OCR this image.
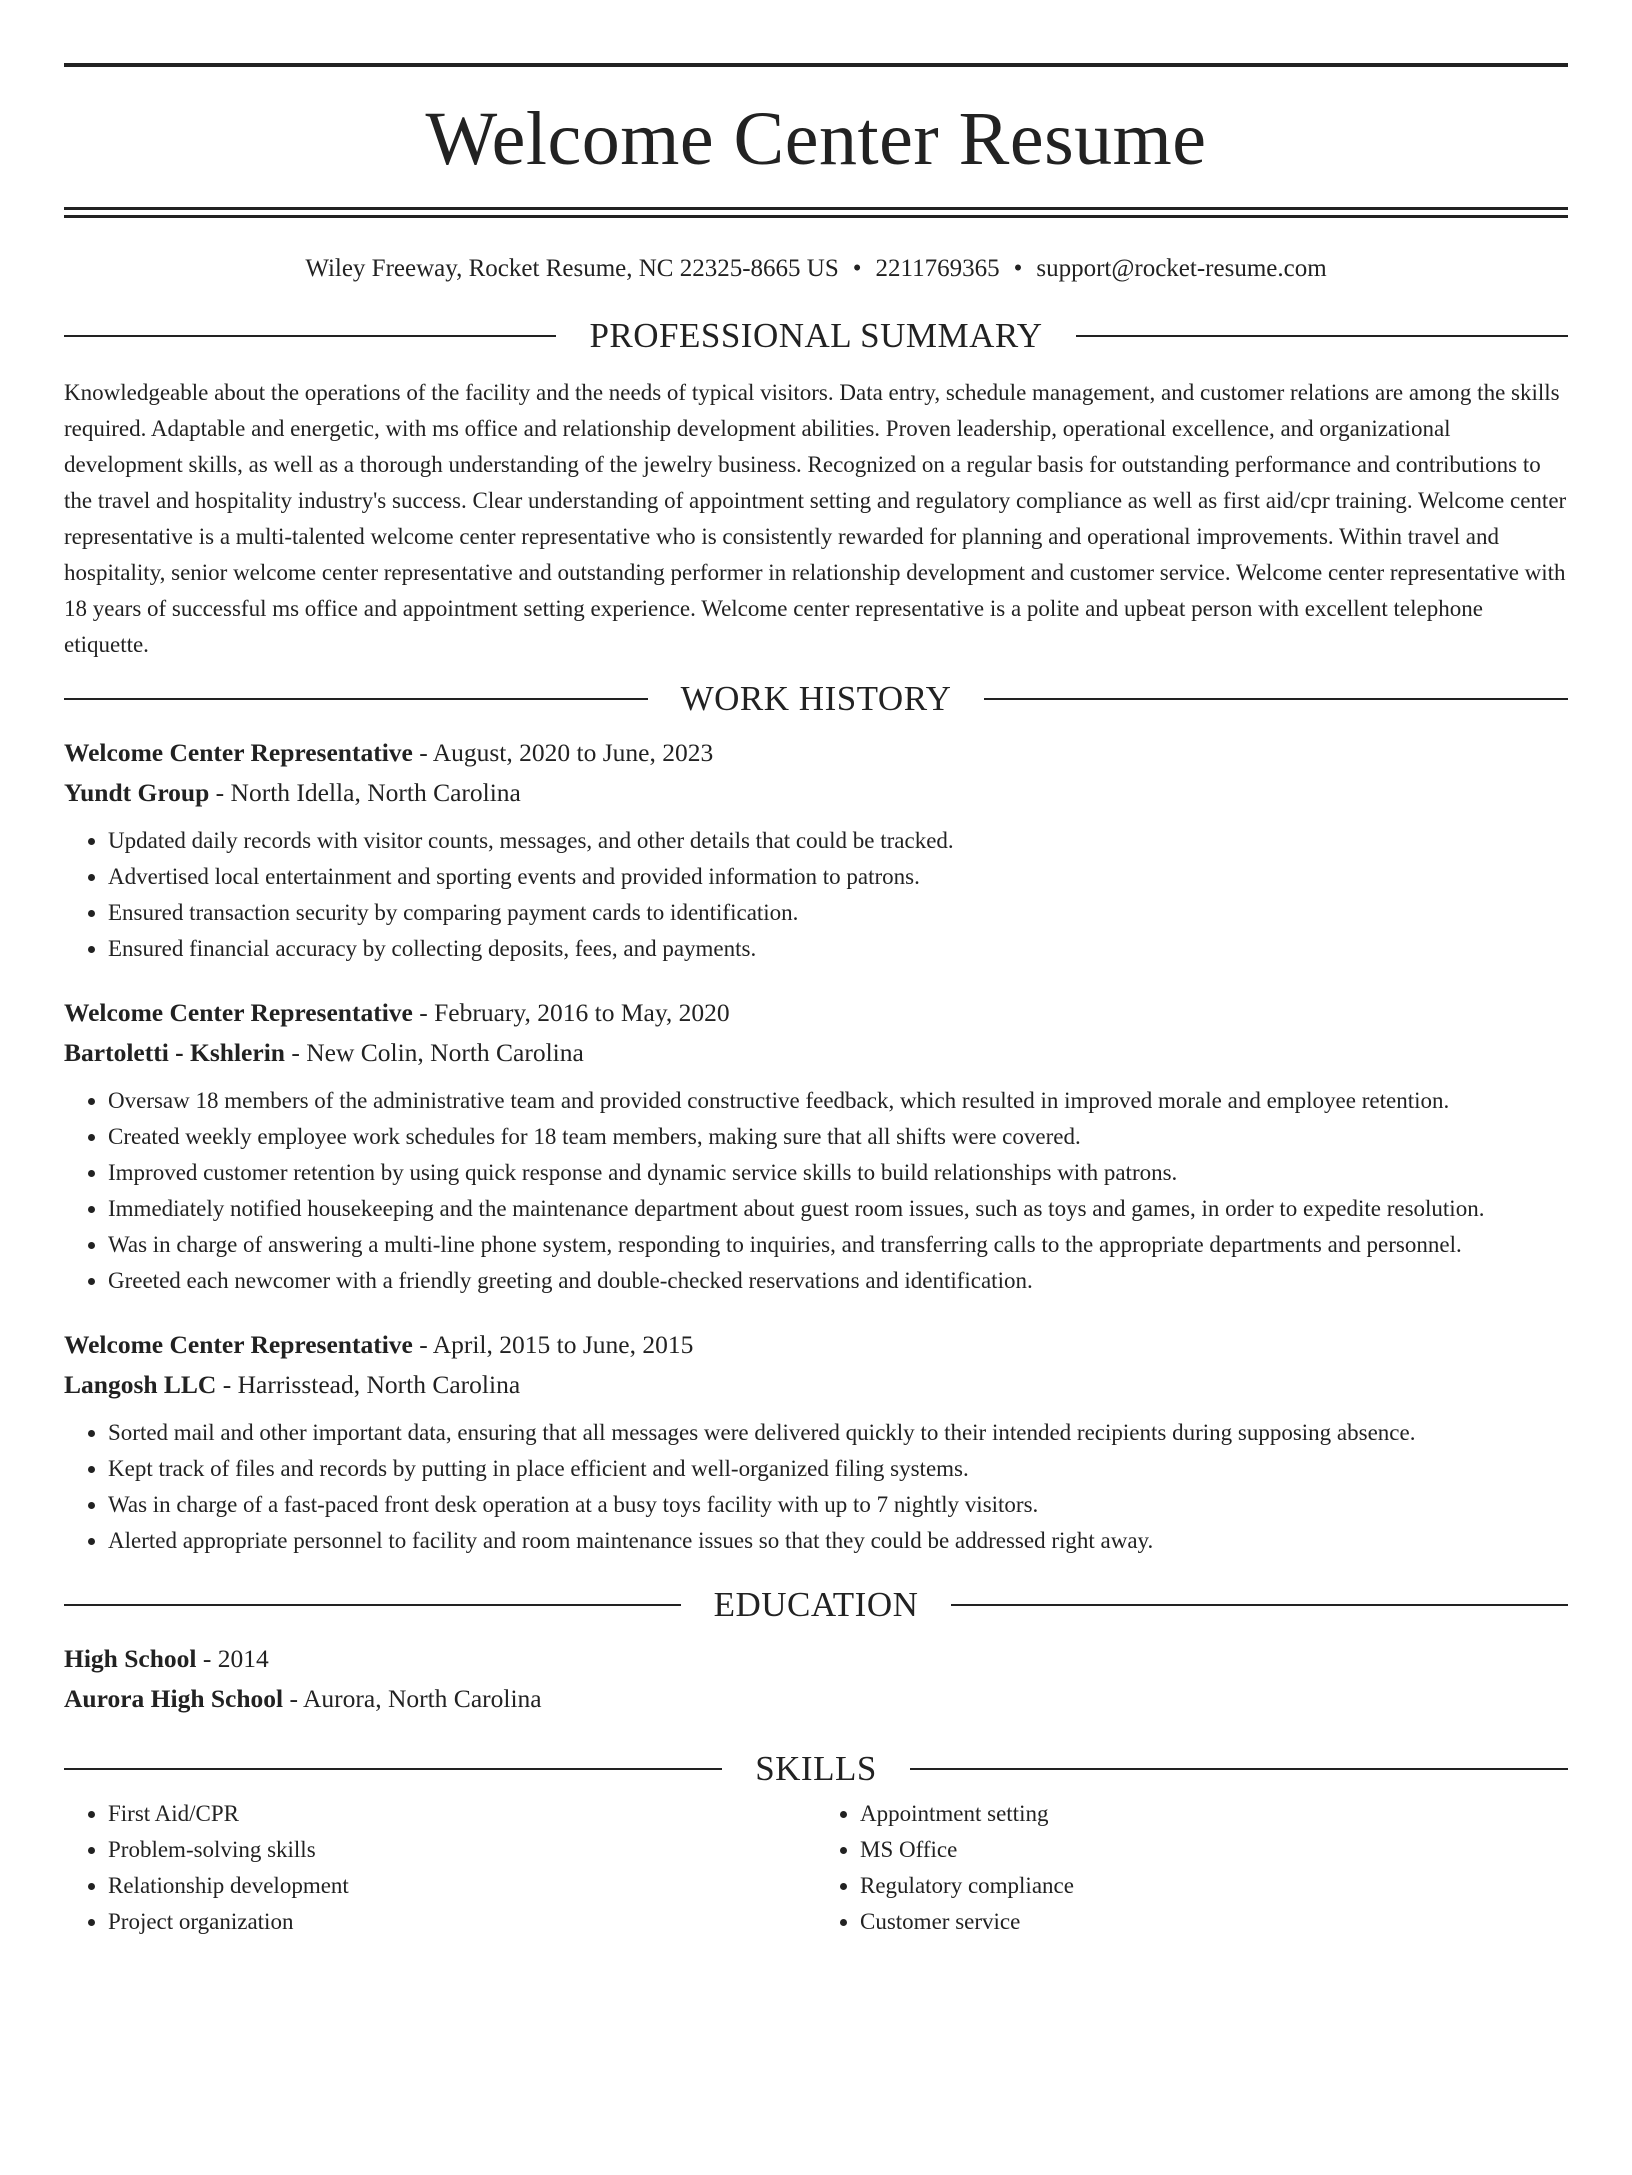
Welcome Center Resume
Wiley Freeway, Rocket Resume, NC 22325-8665 US • 2211769365 • support@rocket-resume.com
PROFESSIONAL SUMMARY

Knowledgeable about the operations of the facility and the needs of typical visitors. Data entry, schedule management, and customer relations are among the skills required. Adaptable and energetic, with ms office and relationship development abilities. Proven leadership, operational excellence, and organizational development skills, as well as a thorough understanding of the jewelry business. Recognized on a regular basis for outstanding performance and contributions to the travel and hospitality industry's success. Clear understanding of appointment setting and regulatory compliance as well as first aid/cpr training. Welcome center representative is a multi-talented welcome center representative who is consistently rewarded for planning and operational improvements. Within travel and hospitality, senior welcome center representative and outstanding performer in relationship development and customer service. Welcome center representative with 18 years of successful ms office and appointment setting experience. Welcome center representative is a polite and upbeat person with excellent telephone etiquette.

WORK HISTORY
Welcome Center Representative - August, 2020 to June, 2023
Yundt Group - North Idella, North Carolina
• Updated daily records with visitor counts, messages, and other details that could be tracked.
• Advertised local entertainment and sporting events and provided information to patrons.
• Ensured transaction security by comparing payment cards to identification.
• Ensured financial accuracy by collecting deposits, fees, and payments.
Welcome Center Representative - February, 2016 to May, 2020
Bartoletti - Kshlerin - New Colin, North Carolina
• Oversaw 18 members of the administrative team and provided constructive feedback, which resulted in improved morale and employee retention.
• Created weekly employee work schedules for 18 team members, making sure that all shifts were covered.
• Improved customer retention by using quick response and dynamic service skills to build relationships with patrons.
• Immediately notified housekeeping and the maintenance department about guest room issues, such as toys and games, in order to expedite resolution.
• Was in charge of answering a multi-line phone system, responding to inquiries, and transferring calls to the appropriate departments and personnel.
• Greeted each newcomer with a friendly greeting and double-checked reservations and identification.
Welcome Center Representative - April, 2015 to June, 2015
Langosh LLC - Harrisstead, North Carolina
• Sorted mail and other important data, ensuring that all messages were delivered quickly to their intended recipients during supposing absence.
• Kept track of files and records by putting in place efficient and well-organized filing systems.
• Was in charge of a fast-paced front desk operation at a busy toys facility with up to 7 nightly visitors.
• Alerted appropriate personnel to facility and room maintenance issues so that they could be addressed right away.
EDUCATION
High School - 2014
Aurora High School - Aurora, North Carolina
SKILLS
• First Aid/CPR
• Problem-solving skills
• Relationship development
• Project organization
• Appointment setting
• MS Office
• Regulatory compliance
• Customer service
